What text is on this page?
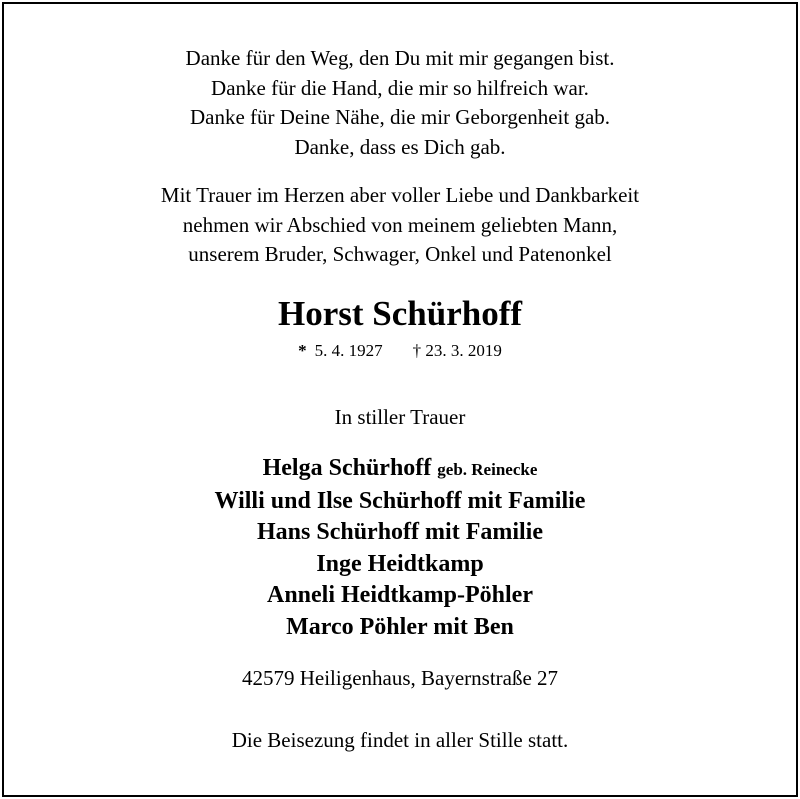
Danke für den Weg, den Du mit mir gegangen bist.
Danke für die Hand, die mir so hilfreich war.
Danke für Deine Nähe, die mir Geborgenheit gab.
Danke, dass es Dich gab.
Mit Trauer im Herzen aber voller Liebe und Dankbarkeit
nehmen wir Abschied von meinem geliebten Mann,
unserem Bruder, Schwager, Onkel und Patenonkel
Horst Schürhoff
* 5. 4. 1927 † 23. 3. 2019
In stiller Trauer
Helga Schürhoff geb. Reinecke
Willi und Ilse Schürhoff mit Familie
Hans Schürhoff mit Familie
Inge Heidtkamp
Anneli Heidtkamp-Pöhler
Marco Pöhler mit Ben
42579 Heiligenhaus, Bayernstraße 27
Die Beisezung findet in aller Stille statt.
